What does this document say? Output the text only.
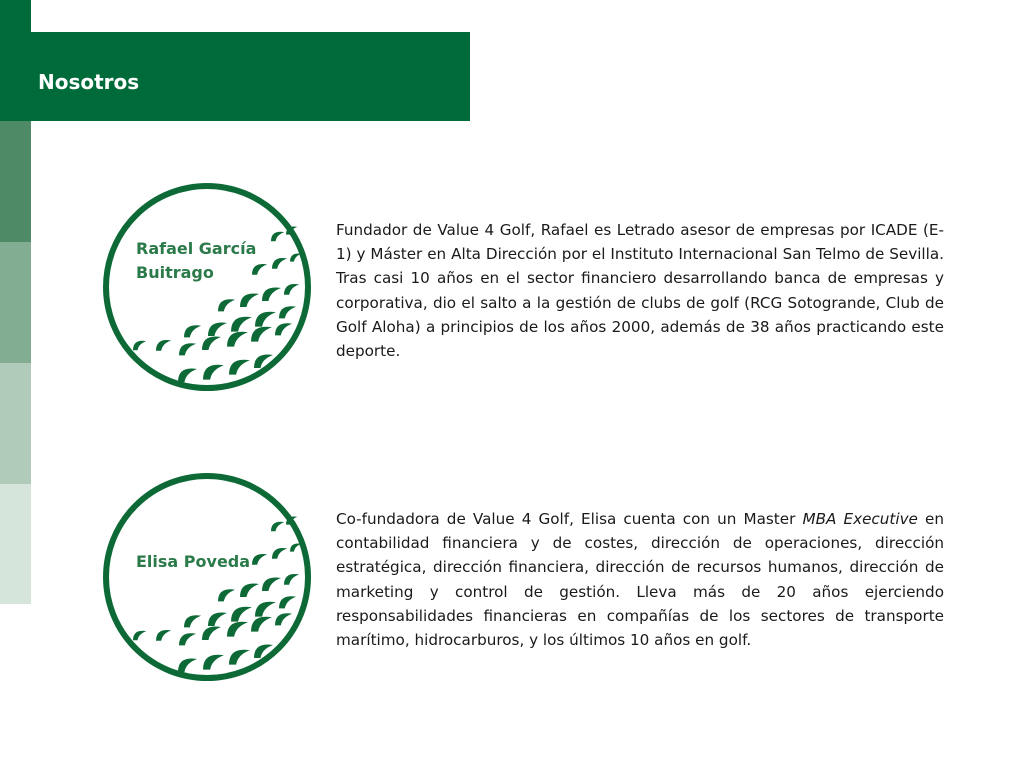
Nosotros
Rafael García
Buitrago
Fundador de Value 4 Golf, Rafael es Letrado asesor de empresas por ICADE (E-1) y Máster en Alta Dirección por el Instituto Internacional San Telmo de Sevilla. Tras casi 10 años en el sector financiero desarrollando banca de empresas y corporativa, dio el salto a la gestión de clubs de golf (RCG Sotogrande, Club de Golf Aloha) a principios de los años 2000, además de 38 años practicando este deporte.
Elisa Poveda
Co-fundadora de Value 4 Golf, Elisa cuenta con un Master MBA Executive en contabilidad financiera y de costes, dirección de operaciones, dirección estratégica, dirección financiera, dirección de recursos humanos, dirección de marketing y control de gestión. Lleva más de 20 años ejerciendo responsabilidades financieras en compañías de los sectores de transporte marítimo, hidrocarburos, y los últimos 10 años en golf.
